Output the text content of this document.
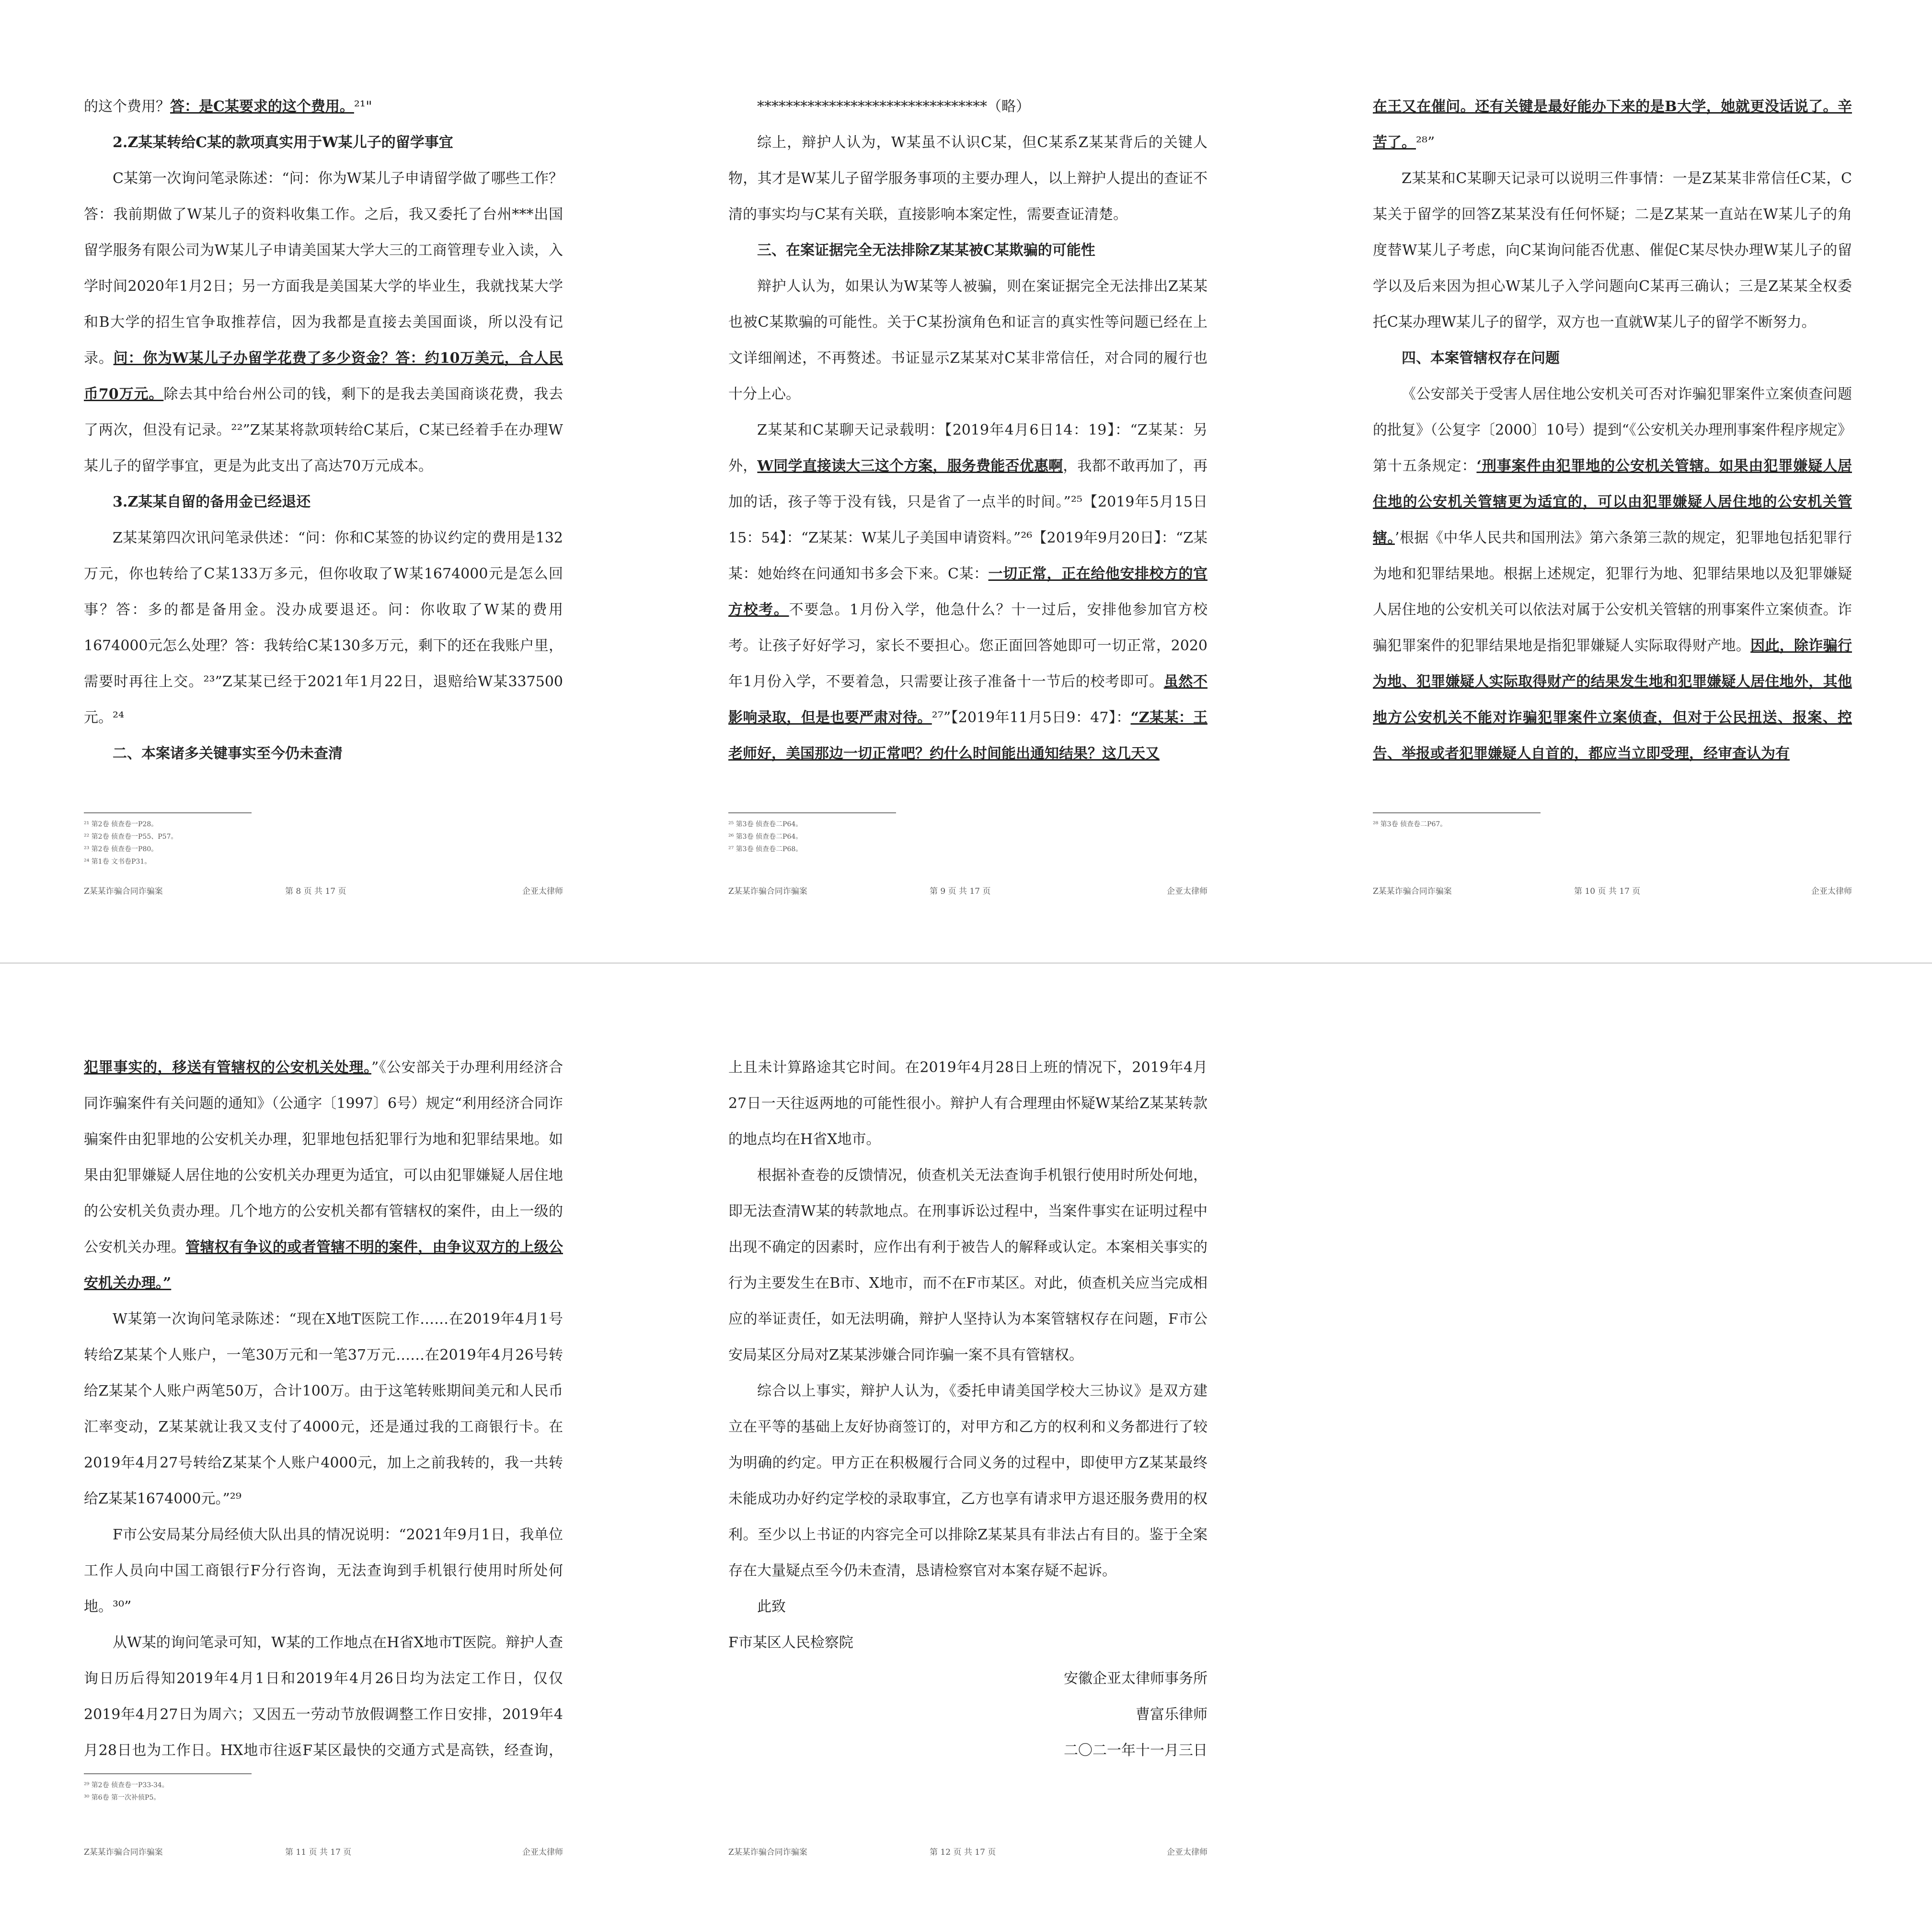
的这个费用？答：是C某要求的这个费用。²¹"

2.Z某某转给C某的款项真实用于W某儿子的留学事宜

C某第一次询问笔录陈述：“问：你为W某儿子申请留学做了哪些工作？答：我前期做了W某儿子的资料收集工作。之后，我又委托了台州***出国留学服务有限公司为W某儿子申请美国某大学大三的工商管理专业入读，入学时间2020年1月2日；另一方面我是美国某大学的毕业生，我就找某大学和B大学的招生官争取推荐信，因为我都是直接去美国面谈，所以没有记录。问：你为W某儿子办留学花费了多少资金？答：约10万美元，合人民币70万元。除去其中给台州公司的钱，剩下的是我去美国商谈花费，我去了两次，但没有记录。²²”Z某某将款项转给C某后，C某已经着手在办理W某儿子的留学事宜，更是为此支出了高达70万元成本。

3.Z某某自留的备用金已经退还

Z某某第四次讯问笔录供述：“问：你和C某签的协议约定的费用是132万元，你也转给了C某133万多元，但你收取了W某1674000元是怎么回事？答：多的都是备用金。没办成要退还。问：你收取了W某的费用1674000元怎么处理？答：我转给C某130多万元，剩下的还在我账户里，需要时再往上交。²³”Z某某已经于2021年1月22日，退赔给W某337500元。²⁴

二、本案诸多关键事实至今仍未查清

²¹ 第2卷 侦查卷一P28。
²² 第2卷 侦查卷一P55、P57。
²³ 第2卷 侦查卷一P80。
²⁴ 第1卷 文书卷P31。
Z某某诈骗合同诈骗案	第 8 页 共 17 页	企亚太律师

********************************（略）

综上，辩护人认为，W某虽不认识C某，但C某系Z某某背后的关键人物，其才是W某儿子留学服务事项的主要办理人，以上辩护人提出的查证不清的事实均与C某有关联，直接影响本案定性，需要查证清楚。

三、在案证据完全无法排除Z某某被C某欺骗的可能性

辩护人认为，如果认为W某等人被骗，则在案证据完全无法排出Z某某也被C某欺骗的可能性。关于C某扮演角色和证言的真实性等问题已经在上文详细阐述，不再赘述。书证显示Z某某对C某非常信任，对合同的履行也十分上心。

Z某某和C某聊天记录载明：【2019年4月6日14：19】：“Z某某：另外，W同学直接读大三这个方案，服务费能否优惠啊，我都不敢再加了，再加的话，孩子等于没有钱，只是省了一点半的时间。”²⁵【2019年5月15日15：54】：“Z某某：W某儿子美国申请资料。”²⁶【2019年9月20日】：“Z某某：她始终在问通知书多会下来。C某：一切正常，正在给他安排校方的官方校考。不要急。1月份入学，他急什么？十一过后，安排他参加官方校考。让孩子好好学习，家长不要担心。您正面回答她即可一切正常，2020年1月份入学，不要着急，只需要让孩子准备十一节后的校考即可。虽然不影响录取，但是也要严肃对待。²⁷”【2019年11月5日9：47】：“Z某某：王老师好，美国那边一切正常吧？约什么时间能出通知结果？这几天又

²⁵ 第3卷 侦查卷二P64。
²⁶ 第3卷 侦查卷二P64。
²⁷ 第3卷 侦查卷二P68。
Z某某诈骗合同诈骗案	第 9 页 共 17 页	企亚太律师

在王又在催问。还有关键是最好能办下来的是B大学，她就更没话说了。辛苦了。²⁸”

Z某某和C某聊天记录可以说明三件事情：一是Z某某非常信任C某，C某关于留学的回答Z某某没有任何怀疑；二是Z某某一直站在W某儿子的角度替W某儿子考虑，向C某询问能否优惠、催促C某尽快办理W某儿子的留学以及后来因为担心W某儿子入学问题向C某再三确认；三是Z某某全权委托C某办理W某儿子的留学，双方也一直就W某儿子的留学不断努力。

四、本案管辖权存在问题

《公安部关于受害人居住地公安机关可否对诈骗犯罪案件立案侦查问题的批复》（公复字〔2000〕10号）提到“《公安机关办理刑事案件程序规定》第十五条规定：‘刑事案件由犯罪地的公安机关管辖。如果由犯罪嫌疑人居住地的公安机关管辖更为适宜的，可以由犯罪嫌疑人居住地的公安机关管辖。’根据《中华人民共和国刑法》第六条第三款的规定，犯罪地包括犯罪行为地和犯罪结果地。根据上述规定，犯罪行为地、犯罪结果地以及犯罪嫌疑人居住地的公安机关可以依法对属于公安机关管辖的刑事案件立案侦查。诈骗犯罪案件的犯罪结果地是指犯罪嫌疑人实际取得财产地。因此，除诈骗行为地、犯罪嫌疑人实际取得财产的结果发生地和犯罪嫌疑人居住地外，其他地方公安机关不能对诈骗犯罪案件立案侦查，但对于公民扭送、报案、控告、举报或者犯罪嫌疑人自首的，都应当立即受理，经审查认为有

²⁸ 第3卷 侦查卷二P67。
Z某某诈骗合同诈骗案	第 10 页 共 17 页	企亚太律师

犯罪事实的，移送有管辖权的公安机关处理。”《公安部关于办理利用经济合同诈骗案件有关问题的通知》（公通字〔1997〕6号）规定“利用经济合同诈骗案件由犯罪地的公安机关办理，犯罪地包括犯罪行为地和犯罪结果地。如果由犯罪嫌疑人居住地的公安机关办理更为适宜，可以由犯罪嫌疑人居住地的公安机关负责办理。几个地方的公安机关都有管辖权的案件，由上一级的公安机关办理。管辖权有争议的或者管辖不明的案件，由争议双方的上级公安机关办理。”

W某第一次询问笔录陈述：“现在X地T医院工作……在2019年4月1号转给Z某某个人账户，一笔30万元和一笔37万元……在2019年4月26号转给Z某某个人账户两笔50万，合计100万。由于这笔转账期间美元和人民币汇率变动，Z某某就让我又支付了4000元，还是通过我的工商银行卡。在2019年4月27号转给Z某某个人账户4000元，加上之前我转的，我一共转给Z某某1674000元。”²⁹

F市公安局某分局经侦大队出具的情况说明：“2021年9月1日，我单位工作人员向中国工商银行F分行咨询，无法查询到手机银行使用时所处何地。³⁰”

从W某的询问笔录可知，W某的工作地点在H省X地市T医院。辩护人查询日历后得知2019年4月1日和2019年4月26日均为法定工作日，仅仅2019年4月27日为周六；又因五一劳动节放假调整工作日安排，2019年4月28日也为工作日。HX地市往返F某区最快的交通方式是高铁，经查询，

²⁹ 第2卷 侦查卷一P33-34。
³⁰ 第6卷 第一次补侦P5。
Z某某诈骗合同诈骗案	第 11 页 共 17 页	企亚太律师

上且未计算路途其它时间。在2019年4月28日上班的情况下，2019年4月27日一天往返两地的可能性很小。辩护人有合理理由怀疑W某给Z某某转款的地点均在H省X地市。

根据补查卷的反馈情况，侦查机关无法查询手机银行使用时所处何地，即无法查清W某的转款地点。在刑事诉讼过程中，当案件事实在证明过程中出现不确定的因素时，应作出有利于被告人的解释或认定。本案相关事实的行为主要发生在B市、X地市，而不在F市某区。对此，侦查机关应当完成相应的举证责任，如无法明确，辩护人坚持认为本案管辖权存在问题，F市公安局某区分局对Z某某涉嫌合同诈骗一案不具有管辖权。

综合以上事实，辩护人认为，《委托申请美国学校大三协议》是双方建立在平等的基础上友好协商签订的，对甲方和乙方的权利和义务都进行了较为明确的约定。甲方正在积极履行合同义务的过程中，即使甲方Z某某最终未能成功办好约定学校的录取事宜，乙方也享有请求甲方退还服务费用的权利。至少以上书证的内容完全可以排除Z某某具有非法占有目的。鉴于全案存在大量疑点至今仍未查清，恳请检察官对本案存疑不起诉。

此致

F市某区人民检察院

安徽企亚太律师事务所

曹富乐律师

二〇二一年十一月三日

Z某某诈骗合同诈骗案	第 12 页 共 17 页	企亚太律师
